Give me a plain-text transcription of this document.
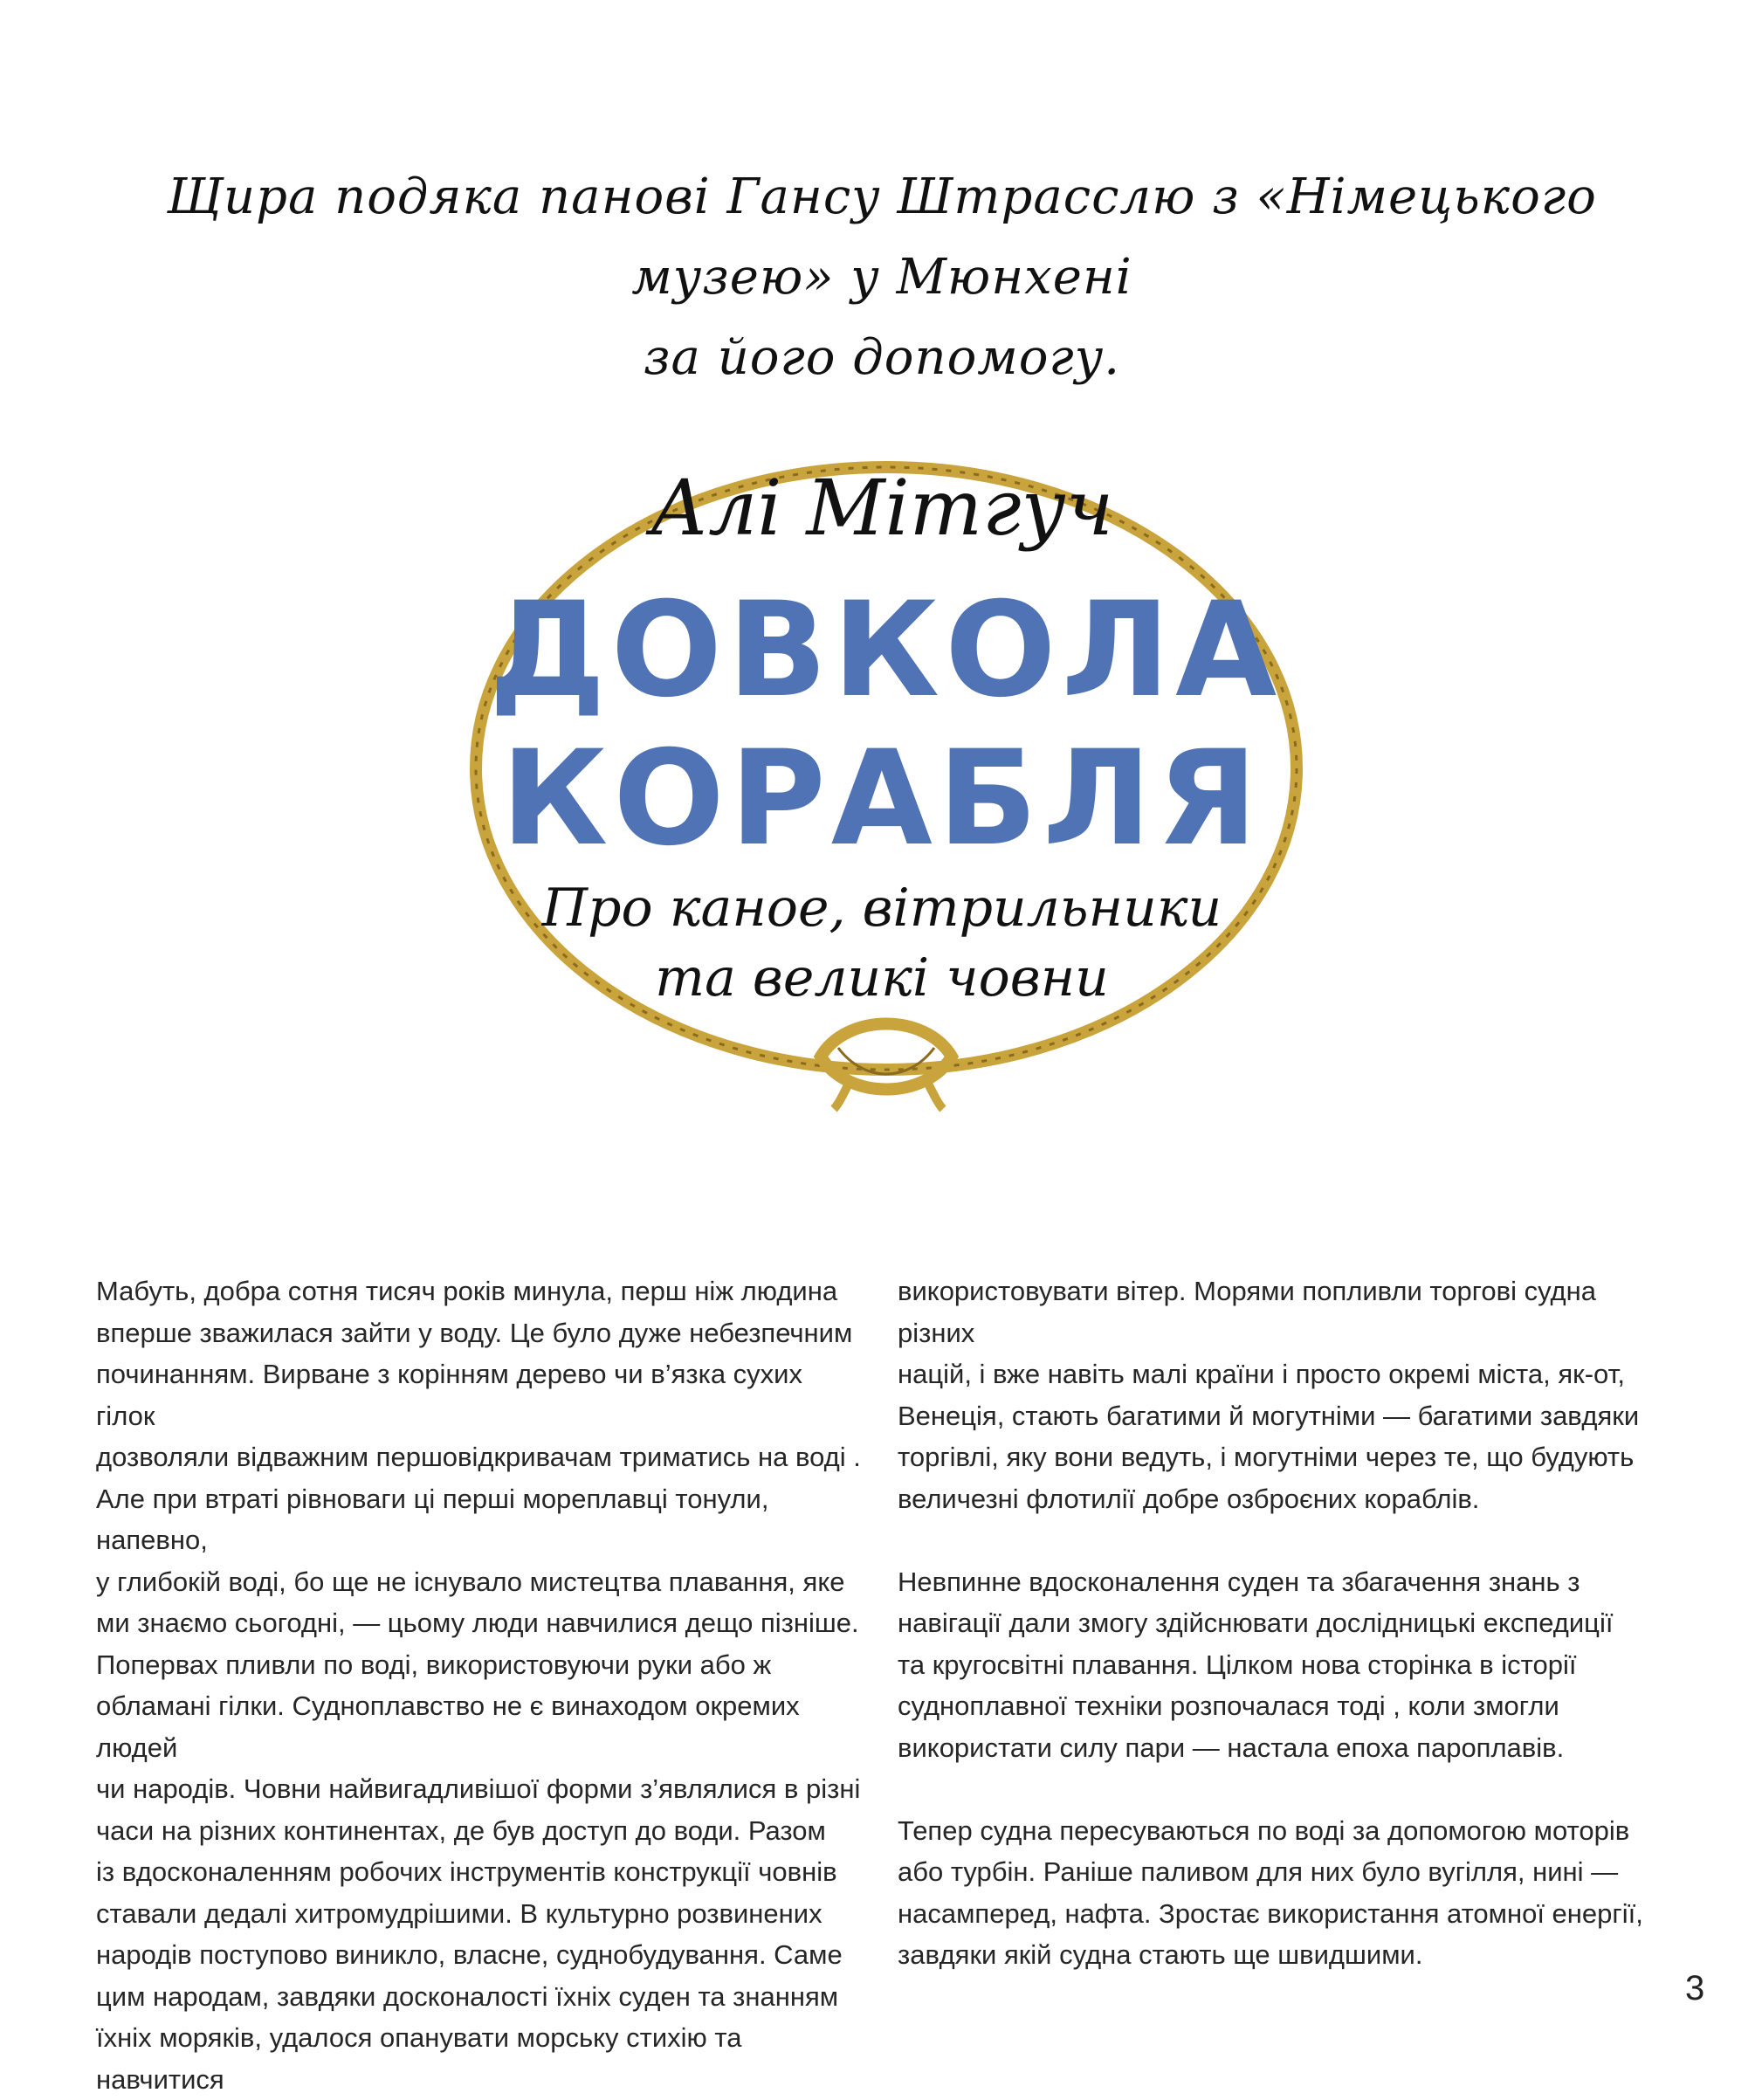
Щира подяка панові Гансу Штрасслю з «Німецького музею» у Мюнхені
за його допомогу.
Алі Мітгуч
ДОВКОЛА
КОРАБЛЯ
Про каное, вітрильники
та великі човни

Мабуть, добра сотня тисяч років минула, перш ніж людина

вперше зважилася зайти у воду. Це було дуже небезпечним

починанням. Вирване з корінням дерево чи в’язка сухих гілок

дозволяли відважним першовідкривачам триматись на воді .

Але при втраті рівноваги ці перші мореплавці тонули, напевно,

у глибокій воді, бо ще не існувало мистецтва плавання, яке

ми знаємо сьогодні, — цьому люди навчилися дещо пізніше.

Попервах пливли по воді, використовуючи руки або ж

обламані гілки. Судноплавство не є винаходом окремих людей

чи народів. Човни найвигадливішої форми з’являлися в різні

часи на різних континентах, де був доступ до води. Разом

із вдосконаленням робочих інструментів конструкції човнів

ставали дедалі хитромудрішими. В культурно розвинених

народів поступово виникло, власне, суднобудування. Саме

цим народам, завдяки досконалості їхніх суден та знанням

їхніх моряків, удалося опанувати морську стихію та навчитися

використовувати вітер. Морями попливли торгові судна різних

націй, і вже навіть малі країни і просто окремі міста, як-от,

Венеція, стають багатими й могутніми — багатими завдяки

торгівлі, яку вони ведуть, і могутніми через те, що будують

величезні флотилії добре озброєних кораблів.

Невпинне вдосконалення суден та збагачення знань з

навігації дали змогу здійснювати дослідницькі експедиції

та кругосвітні плавання. Цілком нова сторінка в історії

судноплавної техніки розпочалася тоді , коли змогли

використати силу пари — настала епоха пароплавів.

Тепер судна пересуваються по воді за допомогою моторів

або турбін. Раніше паливом для них було вугілля, нині —

насамперед, нафта. Зростає використання атомної енергії,

завдяки якій судна стають ще швидшими.

3
